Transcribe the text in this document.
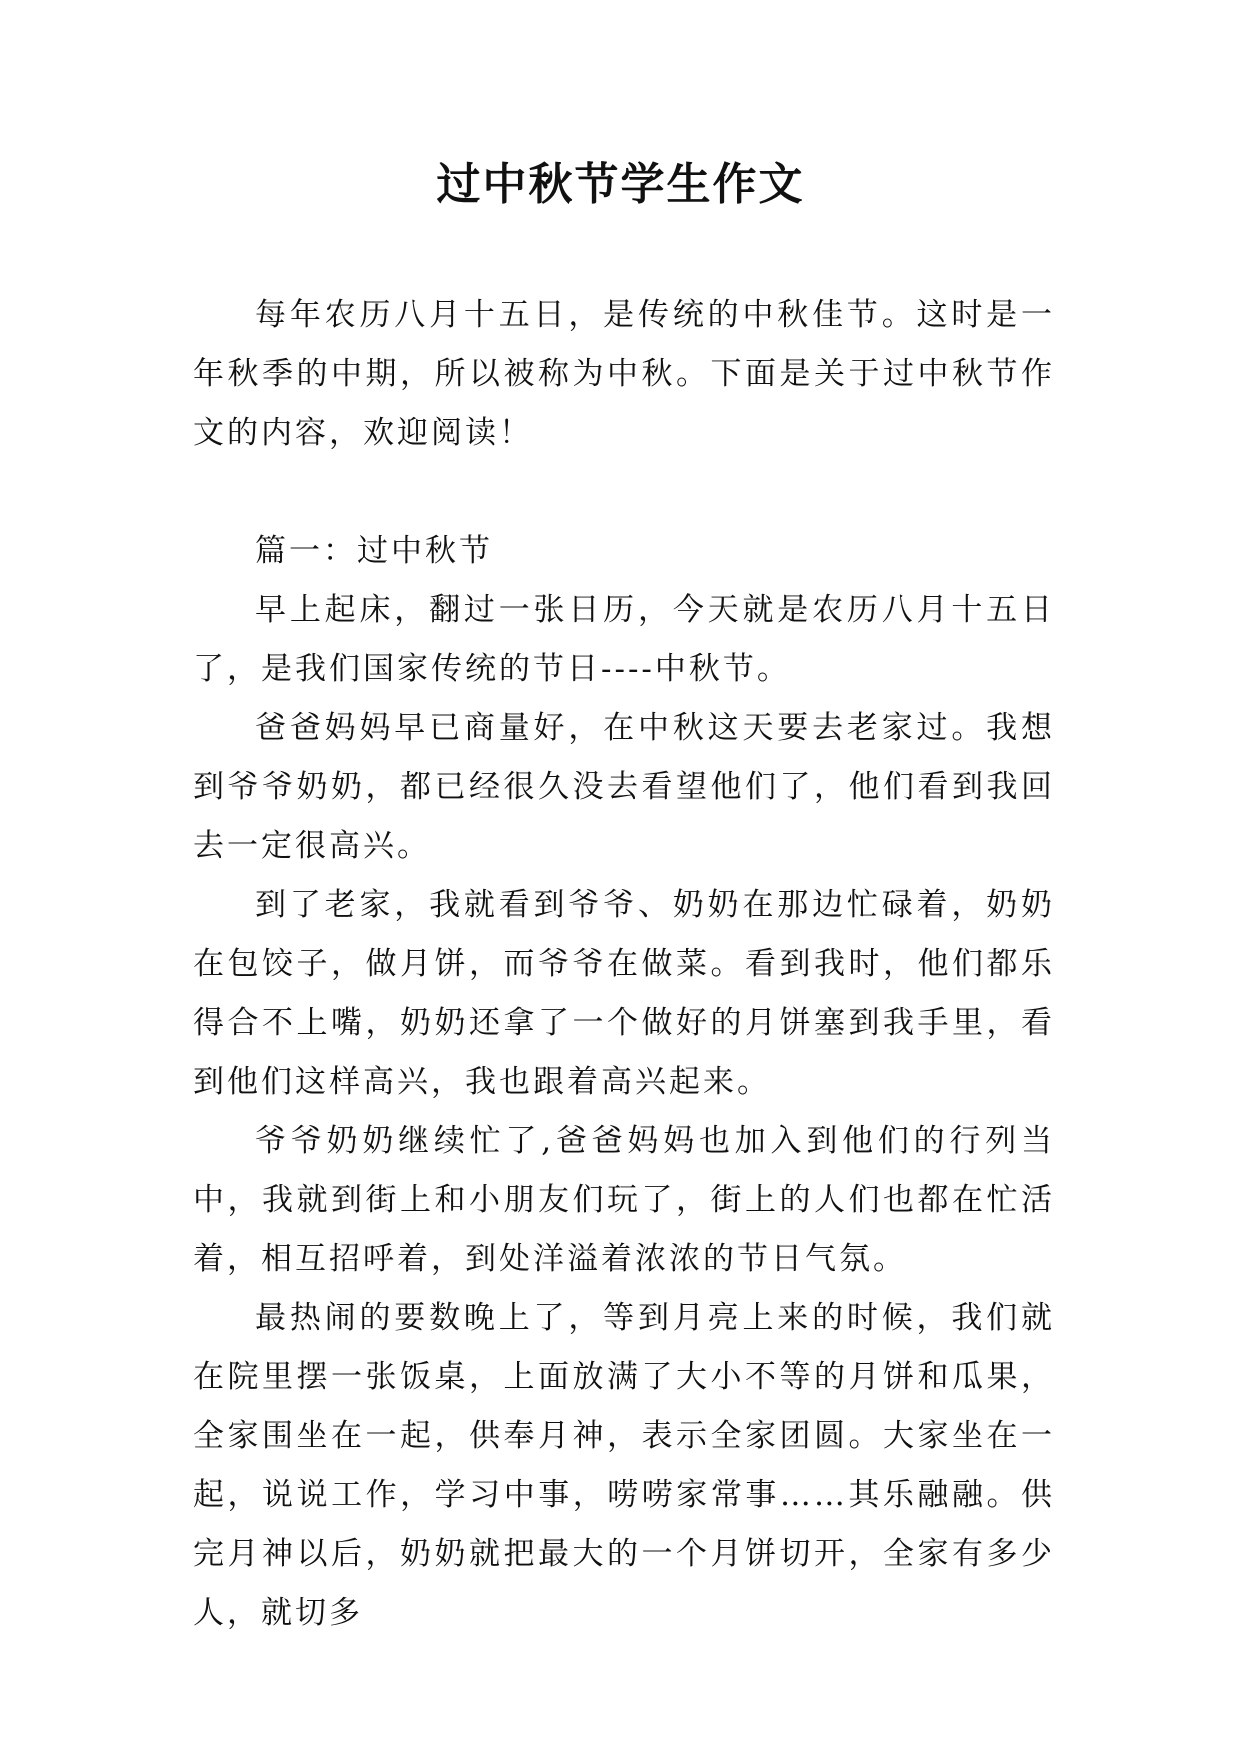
过中秋节学生作文

每年农历八月十五日，是传统的中秋佳节。这时是一年秋季的中期，所以被称为中秋。下面是关于过中秋节作文的内容，欢迎阅读！

篇一：过中秋节

早上起床，翻过一张日历，今天就是农历八月十五日了，是我们国家传统的节日----中秋节。

爸爸妈妈早已商量好，在中秋这天要去老家过。我想到爷爷奶奶，都已经很久没去看望他们了，他们看到我回去一定很高兴。

到了老家，我就看到爷爷、奶奶在那边忙碌着，奶奶在包饺子，做月饼，而爷爷在做菜。看到我时，他们都乐得合不上嘴，奶奶还拿了一个做好的月饼塞到我手里，看到他们这样高兴，我也跟着高兴起来。

爷爷奶奶继续忙了,爸爸妈妈也加入到他们的行列当中，我就到街上和小朋友们玩了，街上的人们也都在忙活着，相互招呼着，到处洋溢着浓浓的节日气氛。

最热闹的要数晚上了，等到月亮上来的时候，我们就在院里摆一张饭桌，上面放满了大小不等的月饼和瓜果，全家围坐在一起，供奉月神，表示全家团圆。大家坐在一起，说说工作，学习中事，唠唠家常事……其乐融融。供完月神以后，奶奶就把最大的一个月饼切开，全家有多少人，就切多
